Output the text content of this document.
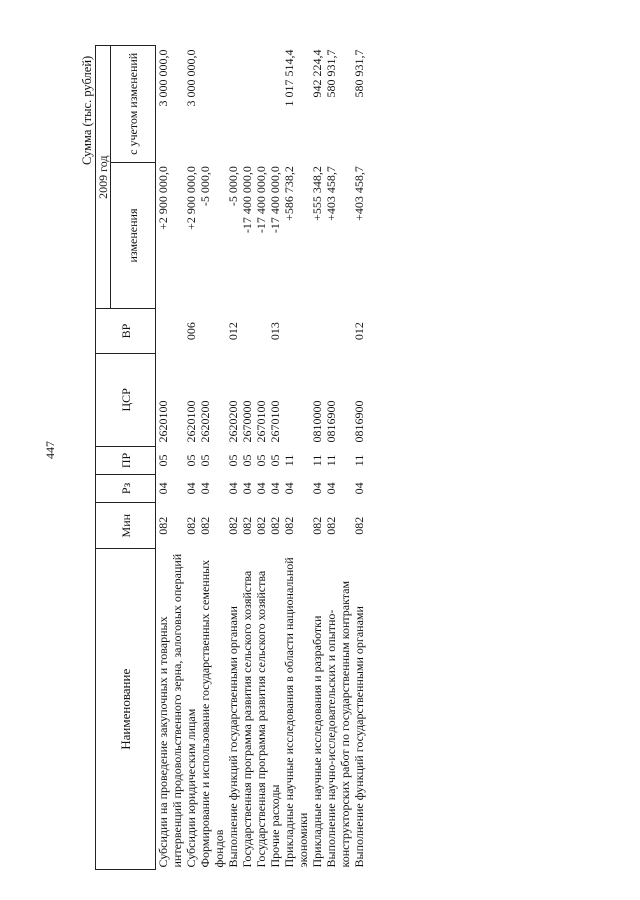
447
Сумма (тыс. рублей)
Наименование	Мин	Рз	ПР	ЦСР	ВР	2009 год	
						изменения	с учетом изменений
Субсидии на проведение закупочных и товарных интервенций продовольственного зерна, залоговых операций	082	04	05	2620100		+2 900 000,0	3 000 000,0
Субсидии юридическим лицам	082	04	05	2620100	006	+2 900 000,0	3 000 000,0
Формирование и использование государственных семенных фондов	082	04	05	2620200		-5 000,0	
Выполнение функций государственными органами	082	04	05	2620200	012	-5 000,0	
Государственная программа развития сельского хозяйства	082	04	05	2670000		-17 400 000,0	
Государственная программа развития сельского хозяйства	082	04	05	2670100		-17 400 000,0	
Прочие расходы	082	04	05	2670100	013	-17 400 000,0	
Прикладные научные исследования в области национальной экономики	082	04	11			+586 738,2	1 017 514,4
Прикладные научные исследования и разработки	082	04	11	0810000		+555 348,2	942 224,4
Выполнение научно-исследовательских и опытно-конструкторских работ по государственным контрактам	082	04	11	0816900		+403 458,7	580 931,7
Выполнение функций государственными органами	082	04	11	0816900	012	+403 458,7	580 931,7
